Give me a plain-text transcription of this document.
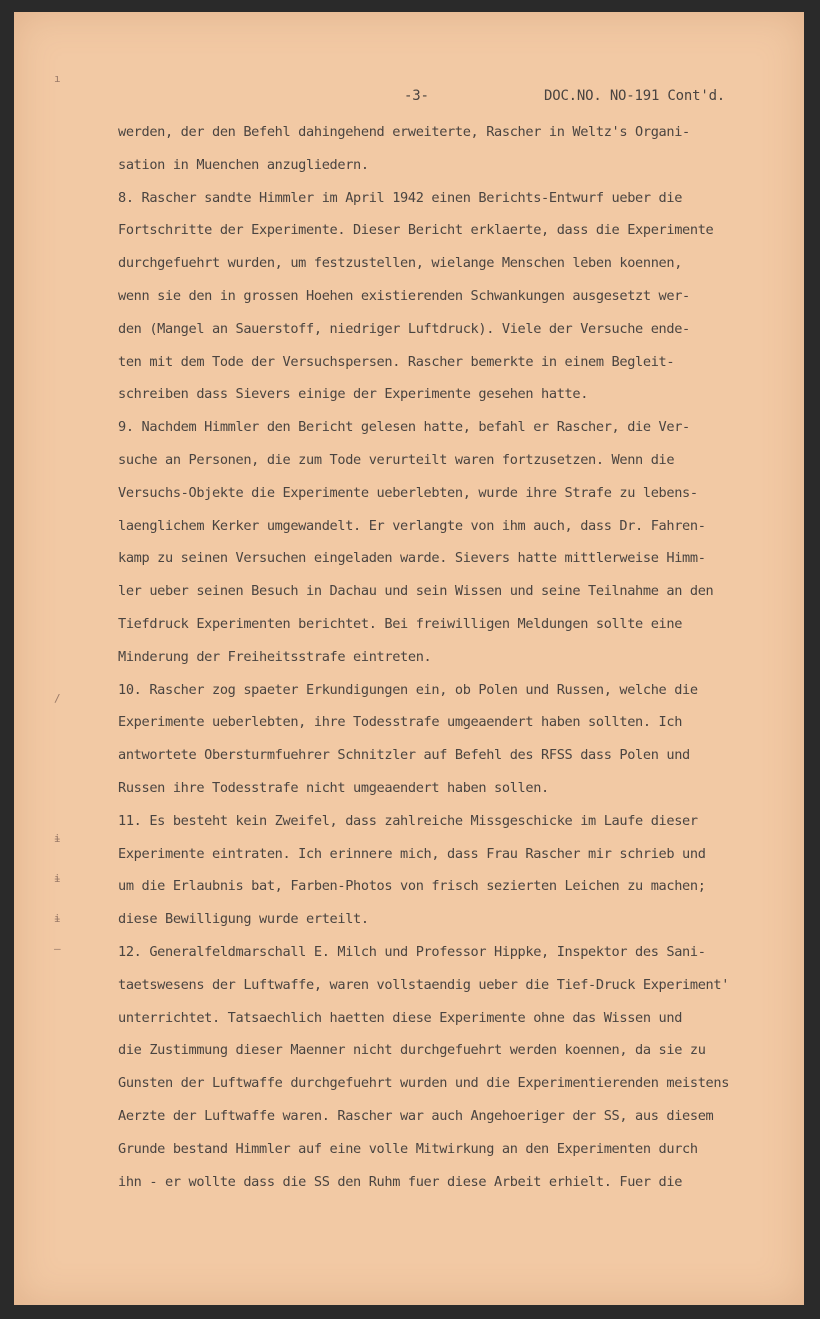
ı
/
ɨ
ɨ
ɨ
–
-3-	DOC.NO. NO-191 Cont'd.
werden, der den Befehl dahingehend erweiterte, Rascher in Weltz's Organi-
sation in Muenchen anzugliedern.
8. Rascher sandte Himmler im April 1942 einen Berichts-Entwurf ueber die
Fortschritte der Experimente. Dieser Bericht erklaerte, dass die Experimente
durchgefuehrt wurden, um festzustellen, wielange Menschen leben koennen,
wenn sie den in grossen Hoehen existierenden Schwankungen ausgesetzt wer-
den (Mangel an Sauerstoff, niedriger Luftdruck). Viele der Versuche ende-
ten mit dem Tode der Versuchspersen. Rascher bemerkte in einem Begleit-
schreiben dass Sievers einige der Experimente gesehen hatte.
9. Nachdem Himmler den Bericht gelesen hatte, befahl er Rascher, die Ver-
suche an Personen, die zum Tode verurteilt waren fortzusetzen. Wenn die
Versuchs-Objekte die Experimente ueberlebten, wurde ihre Strafe zu lebens-
laenglichem Kerker umgewandelt. Er verlangte von ihm auch, dass Dr. Fahren-
kamp zu seinen Versuchen eingeladen warde. Sievers hatte mittlerweise Himm-
ler ueber seinen Besuch in Dachau und sein Wissen und seine Teilnahme an den
Tiefdruck Experimenten berichtet. Bei freiwilligen Meldungen sollte eine
Minderung der Freiheitsstrafe eintreten.
10. Rascher zog spaeter Erkundigungen ein, ob Polen und Russen, welche die
Experimente ueberlebten, ihre Todesstrafe umgeaendert haben sollten. Ich
antwortete Obersturmfuehrer Schnitzler auf Befehl des RFSS dass Polen und
Russen ihre Todesstrafe nicht umgeaendert haben sollen.
11. Es besteht kein Zweifel, dass zahlreiche Missgeschicke im Laufe dieser
Experimente eintraten. Ich erinnere mich, dass Frau Rascher mir schrieb und
um die Erlaubnis bat, Farben-Photos von frisch sezierten Leichen zu machen;
diese Bewilligung wurde erteilt.
12. Generalfeldmarschall E. Milch und Professor Hippke, Inspektor des Sani-
taetswesens der Luftwaffe, waren vollstaendig ueber die Tief-Druck Experiment'
unterrichtet. Tatsaechlich haetten diese Experimente ohne das Wissen und
die Zustimmung dieser Maenner nicht durchgefuehrt werden koennen, da sie zu
Gunsten der Luftwaffe durchgefuehrt wurden und die Experimentierenden meistens
Aerzte der Luftwaffe waren. Rascher war auch Angehoeriger der SS, aus diesem
Grunde bestand Himmler auf eine volle Mitwirkung an den Experimenten durch
ihn - er wollte dass die SS den Ruhm fuer diese Arbeit erhielt. Fuer die
